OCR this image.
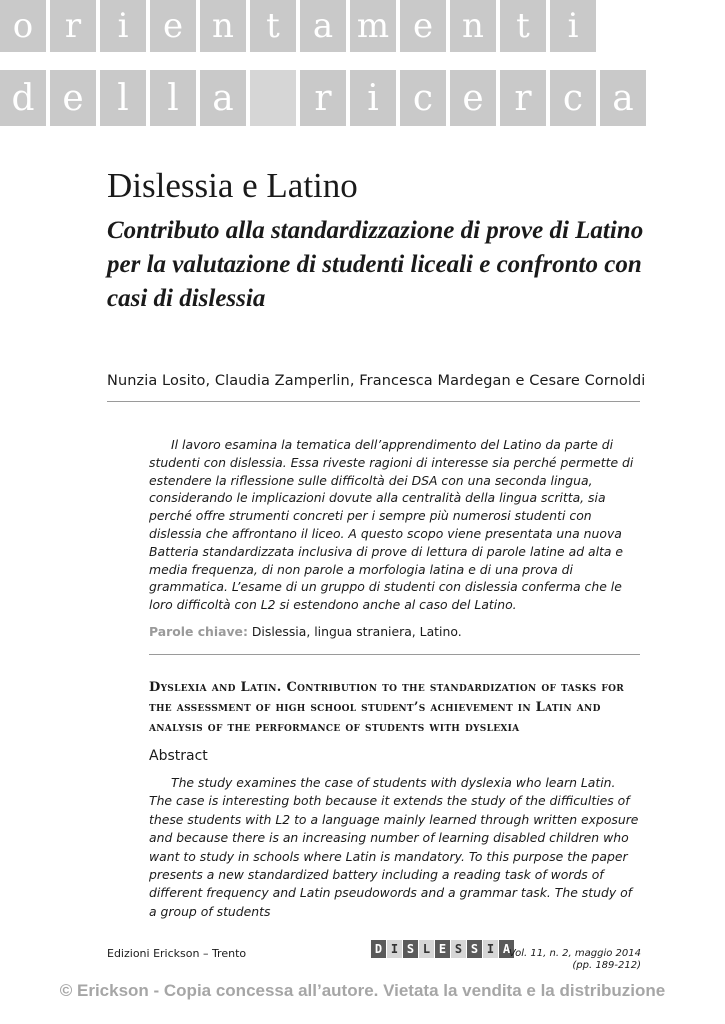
o r	i	e n t a m e n t	i
d e l	l a	r i c e r c a
Dislessia e Latino
Contributo alla standardizzazione di prove di Latino per la valutazione di studenti liceali e confronto con casi di dislessia

Nunzia Losito, Claudia Zamperlin, Francesca Mardegan e Cesare Cornoldi

Il lavoro esamina la tematica dell’apprendimento del Latino da parte di studenti con dislessia. Essa riveste ragioni di interesse sia perché permette di estendere la riflessione sulle difficoltà dei DSA con una seconda lingua, considerando le implicazioni dovute alla centralità della lingua scritta, sia perché offre strumenti concreti per i sempre più numerosi studenti con dislessia che affrontano il liceo. A questo scopo viene presentata una nuova Batteria standardizzata inclusiva di prove di lettura di parole latine ad alta e media frequenza, di non parole a morfologia latina e di una prova di grammatica. L’esame di un gruppo di studenti con dislessia conferma che le loro difficoltà con L2 si estendono anche al caso del Latino.

Parole chiave: Dislessia, lingua straniera, Latino.

Dyslexia and Latin. Contribution to the standardization of tasks for the assessment of high school student’s achievement in Latin and analysis of the performance of students with dyslexia

Abstract

The study examines the case of students with dyslexia who learn Latin. The case is interesting both because it extends the study of the difficulties of these students with L2 to a language mainly learned through written exposure and because there is an increasing number of learning disabled children who want to study in schools where Latin is mandatory. To this purpose the paper presents a new standardized battery including a reading task of words of different frequency and Latin pseudowords and a grammar task. The study of a group of students

Edizioni Erickson – Trento	D I S L E S S I A
Vol. 11, n. 2, maggio 2014
(pp. 189-212)

© Erickson - Copia concessa all’autore. Vietata la vendita e la distribuzione
